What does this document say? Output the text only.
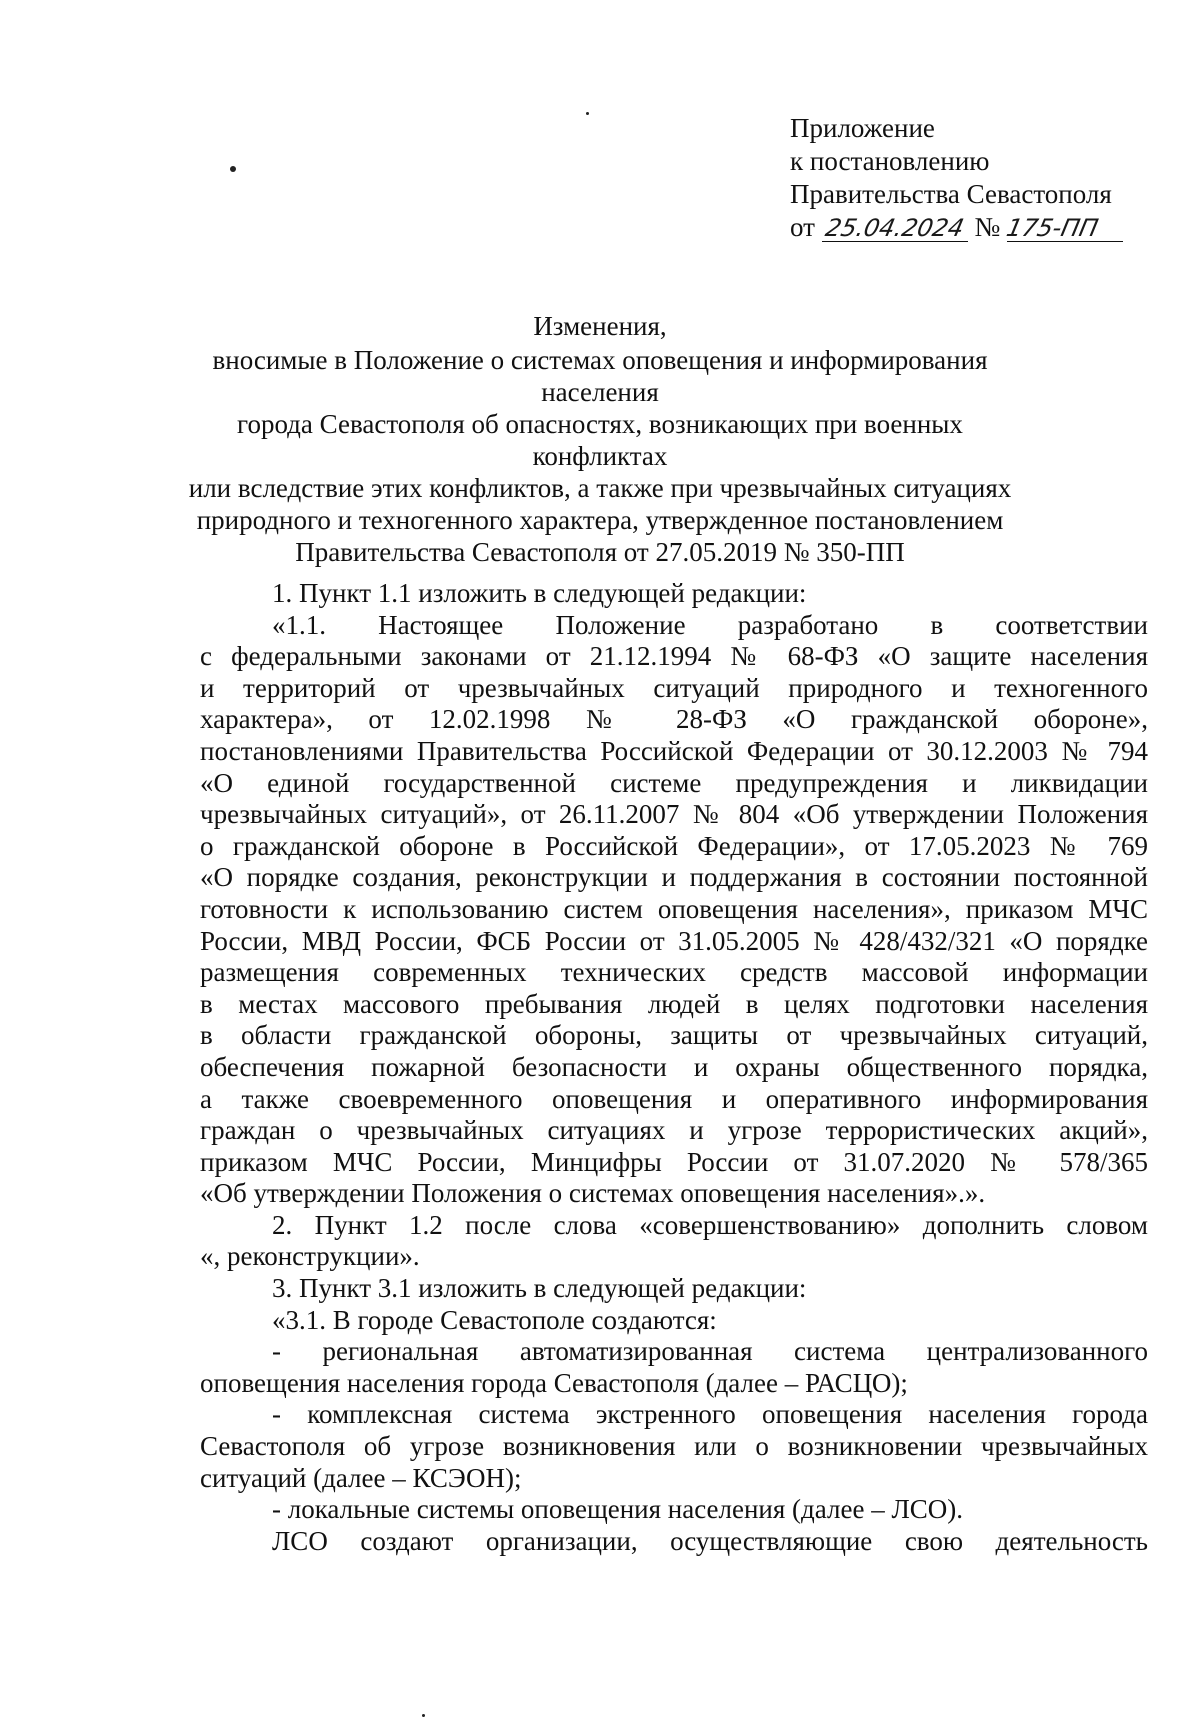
Приложение
к постановлению
Правительства Севастополя
от 25.04.2024 № 175-ПП
Изменения,
вносимые в Положение о системах оповещения и информирования населения
города Севастополя об опасностях, возникающих при военных конфликтах
или вследствие этих конфликтов, а также при чрезвычайных ситуациях
природного и техногенного характера, утвержденное постановлением
Правительства Севастополя от 27.05.2019 № 350-ПП
1. Пункт 1.1 изложить в следующей редакции:
«1.1. Настоящее Положение разработано в соответствии
с федеральными законами от 21.12.1994 № 68-ФЗ «О защите населения
и территорий от чрезвычайных ситуаций природного и техногенного
характера», от 12.02.1998 № 28-ФЗ «О гражданской обороне»,
постановлениями Правительства Российской Федерации от 30.12.2003 № 794
«О единой государственной системе предупреждения и ликвидации
чрезвычайных ситуаций», от 26.11.2007 № 804 «Об утверждении Положения
о гражданской обороне в Российской Федерации», от 17.05.2023 № 769
«О порядке создания, реконструкции и поддержания в состоянии постоянной
готовности к использованию систем оповещения населения», приказом МЧС
России, МВД России, ФСБ России от 31.05.2005 № 428/432/321 «О порядке
размещения современных технических средств массовой информации
в местах массового пребывания людей в целях подготовки населения
в области гражданской обороны, защиты от чрезвычайных ситуаций,
обеспечения пожарной безопасности и охраны общественного порядка,
а также своевременного оповещения и оперативного информирования
граждан о чрезвычайных ситуациях и угрозе террористических акций»,
приказом МЧС России, Минцифры России от 31.07.2020 № 578/365
«Об утверждении Положения о системах оповещения населения».».
2. Пункт 1.2 после слова «совершенствованию» дополнить словом
«, реконструкции».
3. Пункт 3.1 изложить в следующей редакции:
«3.1. В городе Севастополе создаются:
- региональная автоматизированная система централизованного
оповещения населения города Севастополя (далее – РАСЦО);
- комплексная система экстренного оповещения населения города
Севастополя об угрозе возникновения или о возникновении чрезвычайных
ситуаций (далее – КСЭОН);
- локальные системы оповещения населения (далее – ЛСО).
ЛСО создают организации, осуществляющие свою деятельность
